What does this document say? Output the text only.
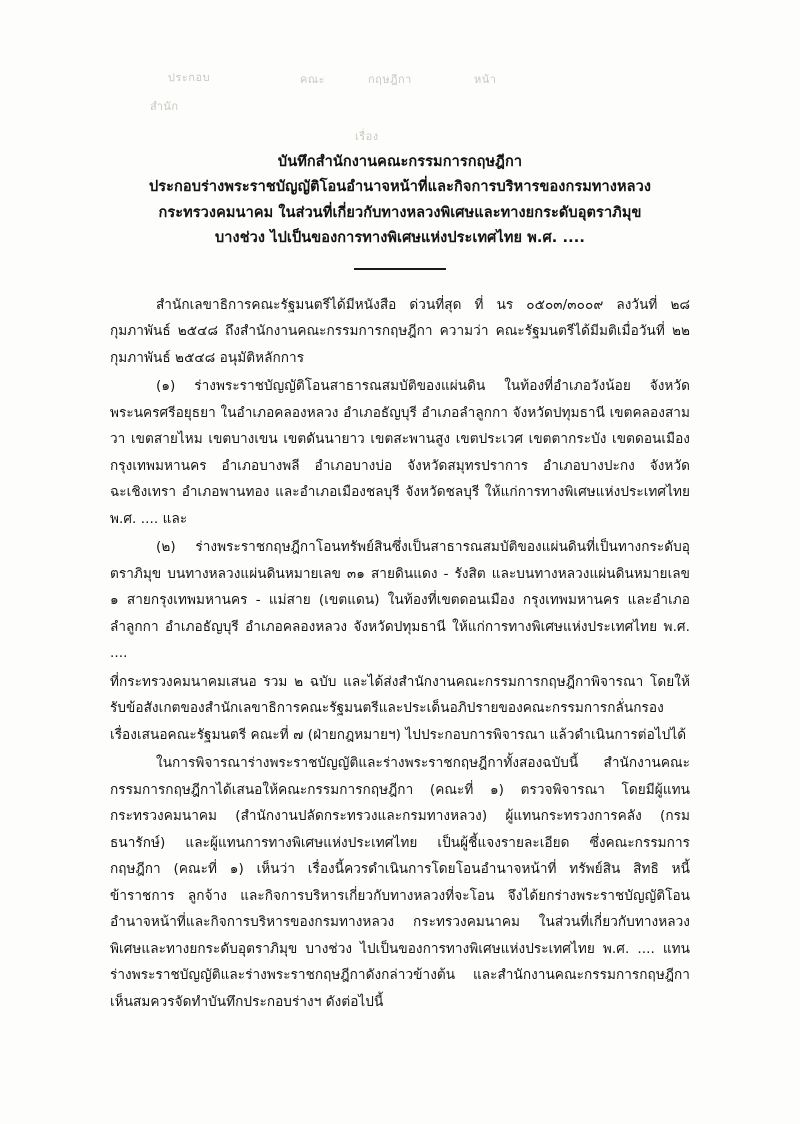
ประกอบ	คณะ	กฤษฎีกา	หน้า
สำนัก
เรื่อง
บันทึกสำนักงานคณะกรรมการกฤษฎีกา
ประกอบร่างพระราชบัญญัติโอนอำนาจหน้าที่และกิจการบริหารของกรมทางหลวง
กระทรวงคมนาคม ในส่วนที่เกี่ยวกับทางหลวงพิเศษและทางยกระดับอุตราภิมุข
บางช่วง ไปเป็นของการทางพิเศษแห่งประเทศไทย พ.ศ. ....

สำนักเลขาธิการคณะรัฐมนตรีได้มีหนังสือ ด่วนที่สุด ที่ นร ๐๕๐๓/๓๐๐๙ ลงวันที่ ๒๘ กุมภาพันธ์ ๒๕๔๘ ถึงสำนักงานคณะกรรมการกฤษฎีกา ความว่า คณะรัฐมนตรีได้มีมติเมื่อวันที่ ๒๒ กุมภาพันธ์ ๒๕๔๘ อนุมัติหลักการ

(๑) ร่างพระราชบัญญัติโอนสาธารณสมบัติของแผ่นดิน ในท้องที่อำเภอวังน้อย จังหวัดพระนครศรีอยุธยา ในอำเภอคลองหลวง อำเภอธัญบุรี อำเภอลำลูกกา จังหวัดปทุมธานี เขตคลองสามวา เขตสายไหม เขตบางเขน เขตดันนายาว เขตสะพานสูง เขตประเวศ เขตตากระบัง เขตดอนเมือง กรุงเทพมหานคร อำเภอบางพลี อำเภอบางบ่อ จังหวัดสมุทรปราการ อำเภอบางปะกง จังหวัดฉะเชิงเทรา อำเภอพานทอง และอำเภอเมืองชลบุรี จังหวัดชลบุรี ให้แก่การทางพิเศษแห่งประเทศไทย พ.ศ. .... และ

(๒) ร่างพระราชกฤษฎีกาโอนทรัพย์สินซึ่งเป็นสาธารณสมบัติของแผ่นดินที่เป็นทางกระดับอุตราภิมุข บนทางหลวงแผ่นดินหมายเลข ๓๑ สายดินแดง - รังสิต และบนทางหลวงแผ่นดินหมายเลข ๑ สายกรุงเทพมหานคร - แม่สาย (เขตแดน) ในท้องที่เขตดอนเมือง กรุงเทพมหานคร และอำเภอลำลูกกา อำเภอธัญบุรี อำเภอคลองหลวง จังหวัดปทุมธานี ให้แก่การทางพิเศษแห่งประเทศไทย พ.ศ. ....

ที่กระทรวงคมนาคมเสนอ รวม ๒ ฉบับ และได้ส่งสำนักงานคณะกรรมการกฤษฎีกาพิจารณา โดยให้รับข้อสังเกตของสำนักเลขาธิการคณะรัฐมนตรีและประเด็นอภิปรายของคณะกรรมการกลั่นกรองเรื่องเสนอคณะรัฐมนตรี คณะที่ ๗ (ฝ่ายกฎหมายฯ) ไปประกอบการพิจารณา แล้วดำเนินการต่อไปได้

ในการพิจารณาร่างพระราชบัญญัติและร่างพระราชกฤษฎีกาทั้งสองฉบับนี้ สำนักงานคณะกรรมการกฤษฎีกาได้เสนอให้คณะกรรมการกฤษฎีกา (คณะที่ ๑) ตรวจพิจารณา โดยมีผู้แทนกระทรวงคมนาคม (สำนักงานปลัดกระทรวงและกรมทางหลวง) ผู้แทนกระทรวงการคลัง (กรมธนารักษ์) และผู้แทนการทางพิเศษแห่งประเทศไทย เป็นผู้ชี้แจงรายละเอียด ซึ่งคณะกรรมการกฤษฎีกา (คณะที่ ๑) เห็นว่า เรื่องนี้ควรดำเนินการโดยโอนอำนาจหน้าที่ ทรัพย์สิน สิทธิ หนี้ ข้าราชการ ลูกจ้าง และกิจการบริหารเกี่ยวกับทางหลวงที่จะโอน จึงได้ยกร่างพระราชบัญญัติโอนอำนาจหน้าที่และกิจการบริหารของกรมทางหลวง กระทรวงคมนาคม ในส่วนที่เกี่ยวกับทางหลวงพิเศษและทางยกระดับอุตราภิมุข บางช่วง ไปเป็นของการทางพิเศษแห่งประเทศไทย พ.ศ. .... แทนร่างพระราชบัญญัติและร่างพระราชกฤษฎีกาดังกล่าวข้างต้น และสำนักงานคณะกรรมการกฤษฎีกาเห็นสมควรจัดทำบันทึกประกอบร่างฯ ดังต่อไปนี้
